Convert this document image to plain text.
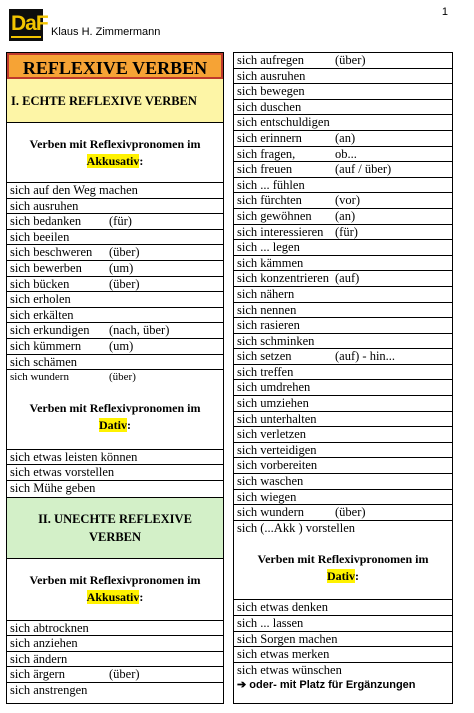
1
DaF Klaus H. Zimmermann
REFLEXIVE VERBEN
I. ECHTE REFLEXIVE VERBEN
Verben mit Reflexivpronomen im
Akkusativ:
sich auf den Weg machen
sich ausruhen
sich bedanken (für)
sich beeilen
sich beschweren (über)
sich bewerben (um)
sich bücken	(über)
sich erholen
sich erkälten
sich erkundigen (nach, über)
sich kümmern (um)
sich schämen
sich wundern	(über)
Verben mit Reflexivpronomen im
Dativ:
sich etwas leisten können
sich etwas vorstellen
sich Mühe geben
II. UNECHTE REFLEXIVE VERBEN
Verben mit Reflexivpronomen im
Akkusativ:
sich abtrocknen
sich anziehen
sich ändern
sich ärgern	(über)
sich anstrengen
sich aufregen (über)
sich ausruhen
sich bewegen
sich duschen
sich entschuldigen
sich erinnern	(an)
sich fragen,	ob...
sich freuen	(auf / über)
sich ... fühlen
sich fürchten	(vor)
sich gewöhnen (an)
sich interessieren (für)
sich ... legen
sich kämmen
sich konzentrieren (auf)
sich nähern
sich nennen
sich rasieren
sich schminken
sich setzen	(auf) - hin...
sich treffen
sich umdrehen
sich umziehen
sich unterhalten
sich verletzen
sich verteidigen
sich vorbereiten
sich waschen
sich wiegen
sich wundern (über)
sich (...Akk ) vorstellen
Verben mit Reflexivpronomen im
Dativ:
sich etwas denken
sich ... lassen
sich Sorgen machen
sich etwas merken
sich etwas wünschen
➔ oder- mit Platz für Ergänzungen
